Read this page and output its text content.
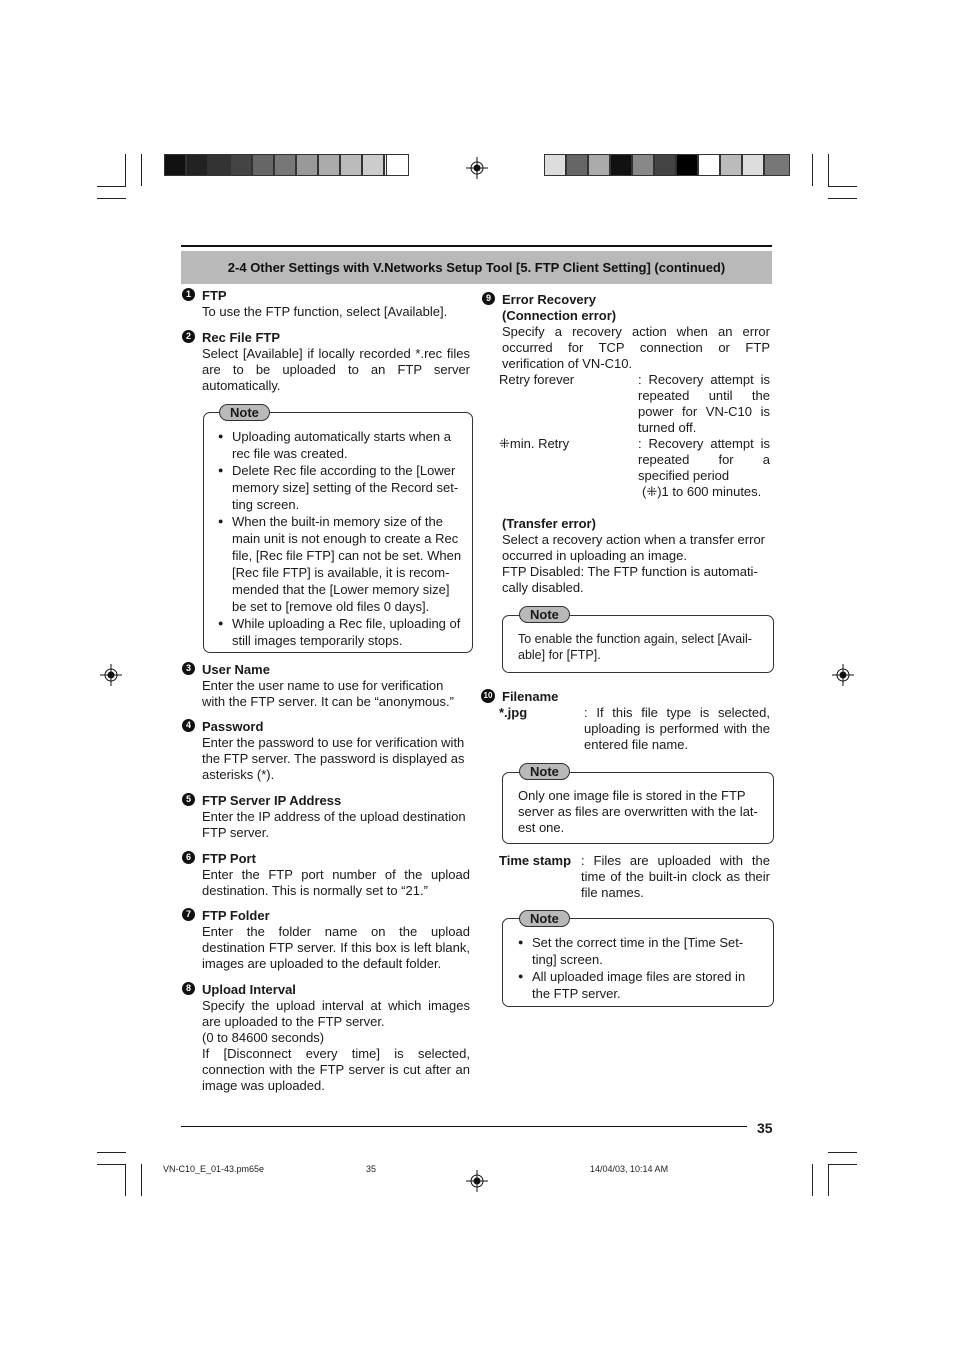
2-4 Other Settings with V.Networks Setup Tool [5. FTP Client Setting] (continued)
1 FTP
To use the FTP function, select [Available].
2 Rec File FTP
Select [Available] if locally recorded *.rec files are to be uploaded to an FTP server automatically.
● Uploading automatically starts when a rec file was created.
● Delete Rec file according to the [Lower memory size] setting of the Record set-ting screen.
● When the built-in memory size of the main unit is not enough to create a Rec file, [Rec file FTP] can not be set. When [Rec file FTP] is available, it is recom-mended that the [Lower memory size] be set to [remove old files 0 days].
● While uploading a Rec file, uploading of still images temporarily stops.
Note
3 User Name
Enter the user name to use for verification with the FTP server. It can be “anonymous.”
4 Password
Enter the password to use for verification with the FTP server. The password is displayed as asterisks (*).
5 FTP Server IP Address
Enter the IP address of the upload destination FTP server.
6 FTP Port
Enter the FTP port number of the upload destination. This is normally set to “21.”
7 FTP Folder
Enter the folder name on the upload destination FTP server. If this box is left blank, images are uploaded to the default folder.
8 Upload Interval
Specify the upload interval at which images are uploaded to the FTP server.
(0 to 84600 seconds)
If [Disconnect every time] is selected, connection with the FTP server is cut after an image was uploaded.
9 Error Recovery
(Connection error)
Specify a recovery action when an error occurred for TCP connection or FTP verification of VN-C10.
Retry forever	: Recovery attempt is repeated until the power for VN-C10 is turned off.
⁜min. Retry	: Recovery attempt is repeated for a specified period
(⁜)1 to 600 minutes.
(Transfer error)
Select a recovery action when a transfer error occurred in uploading an image.
FTP Disabled: The FTP function is automati-cally disabled.
To enable the function again, select [Avail-able] for [FTP].
Note
10 Filename
*.jpg	: If this file type is selected, uploading is performed with the entered file name.
Only one image file is stored in the FTP server as files are overwritten with the lat-est one.
Note
Time stamp : Files are uploaded with the time of the built-in clock as their file names.
● Set the correct time in the [Time Set-ting] screen.
● All uploaded image files are stored in the FTP server.
Note
35
VN-C10_E_01-43.pm65e	35	14/04/03, 10:14 AM
